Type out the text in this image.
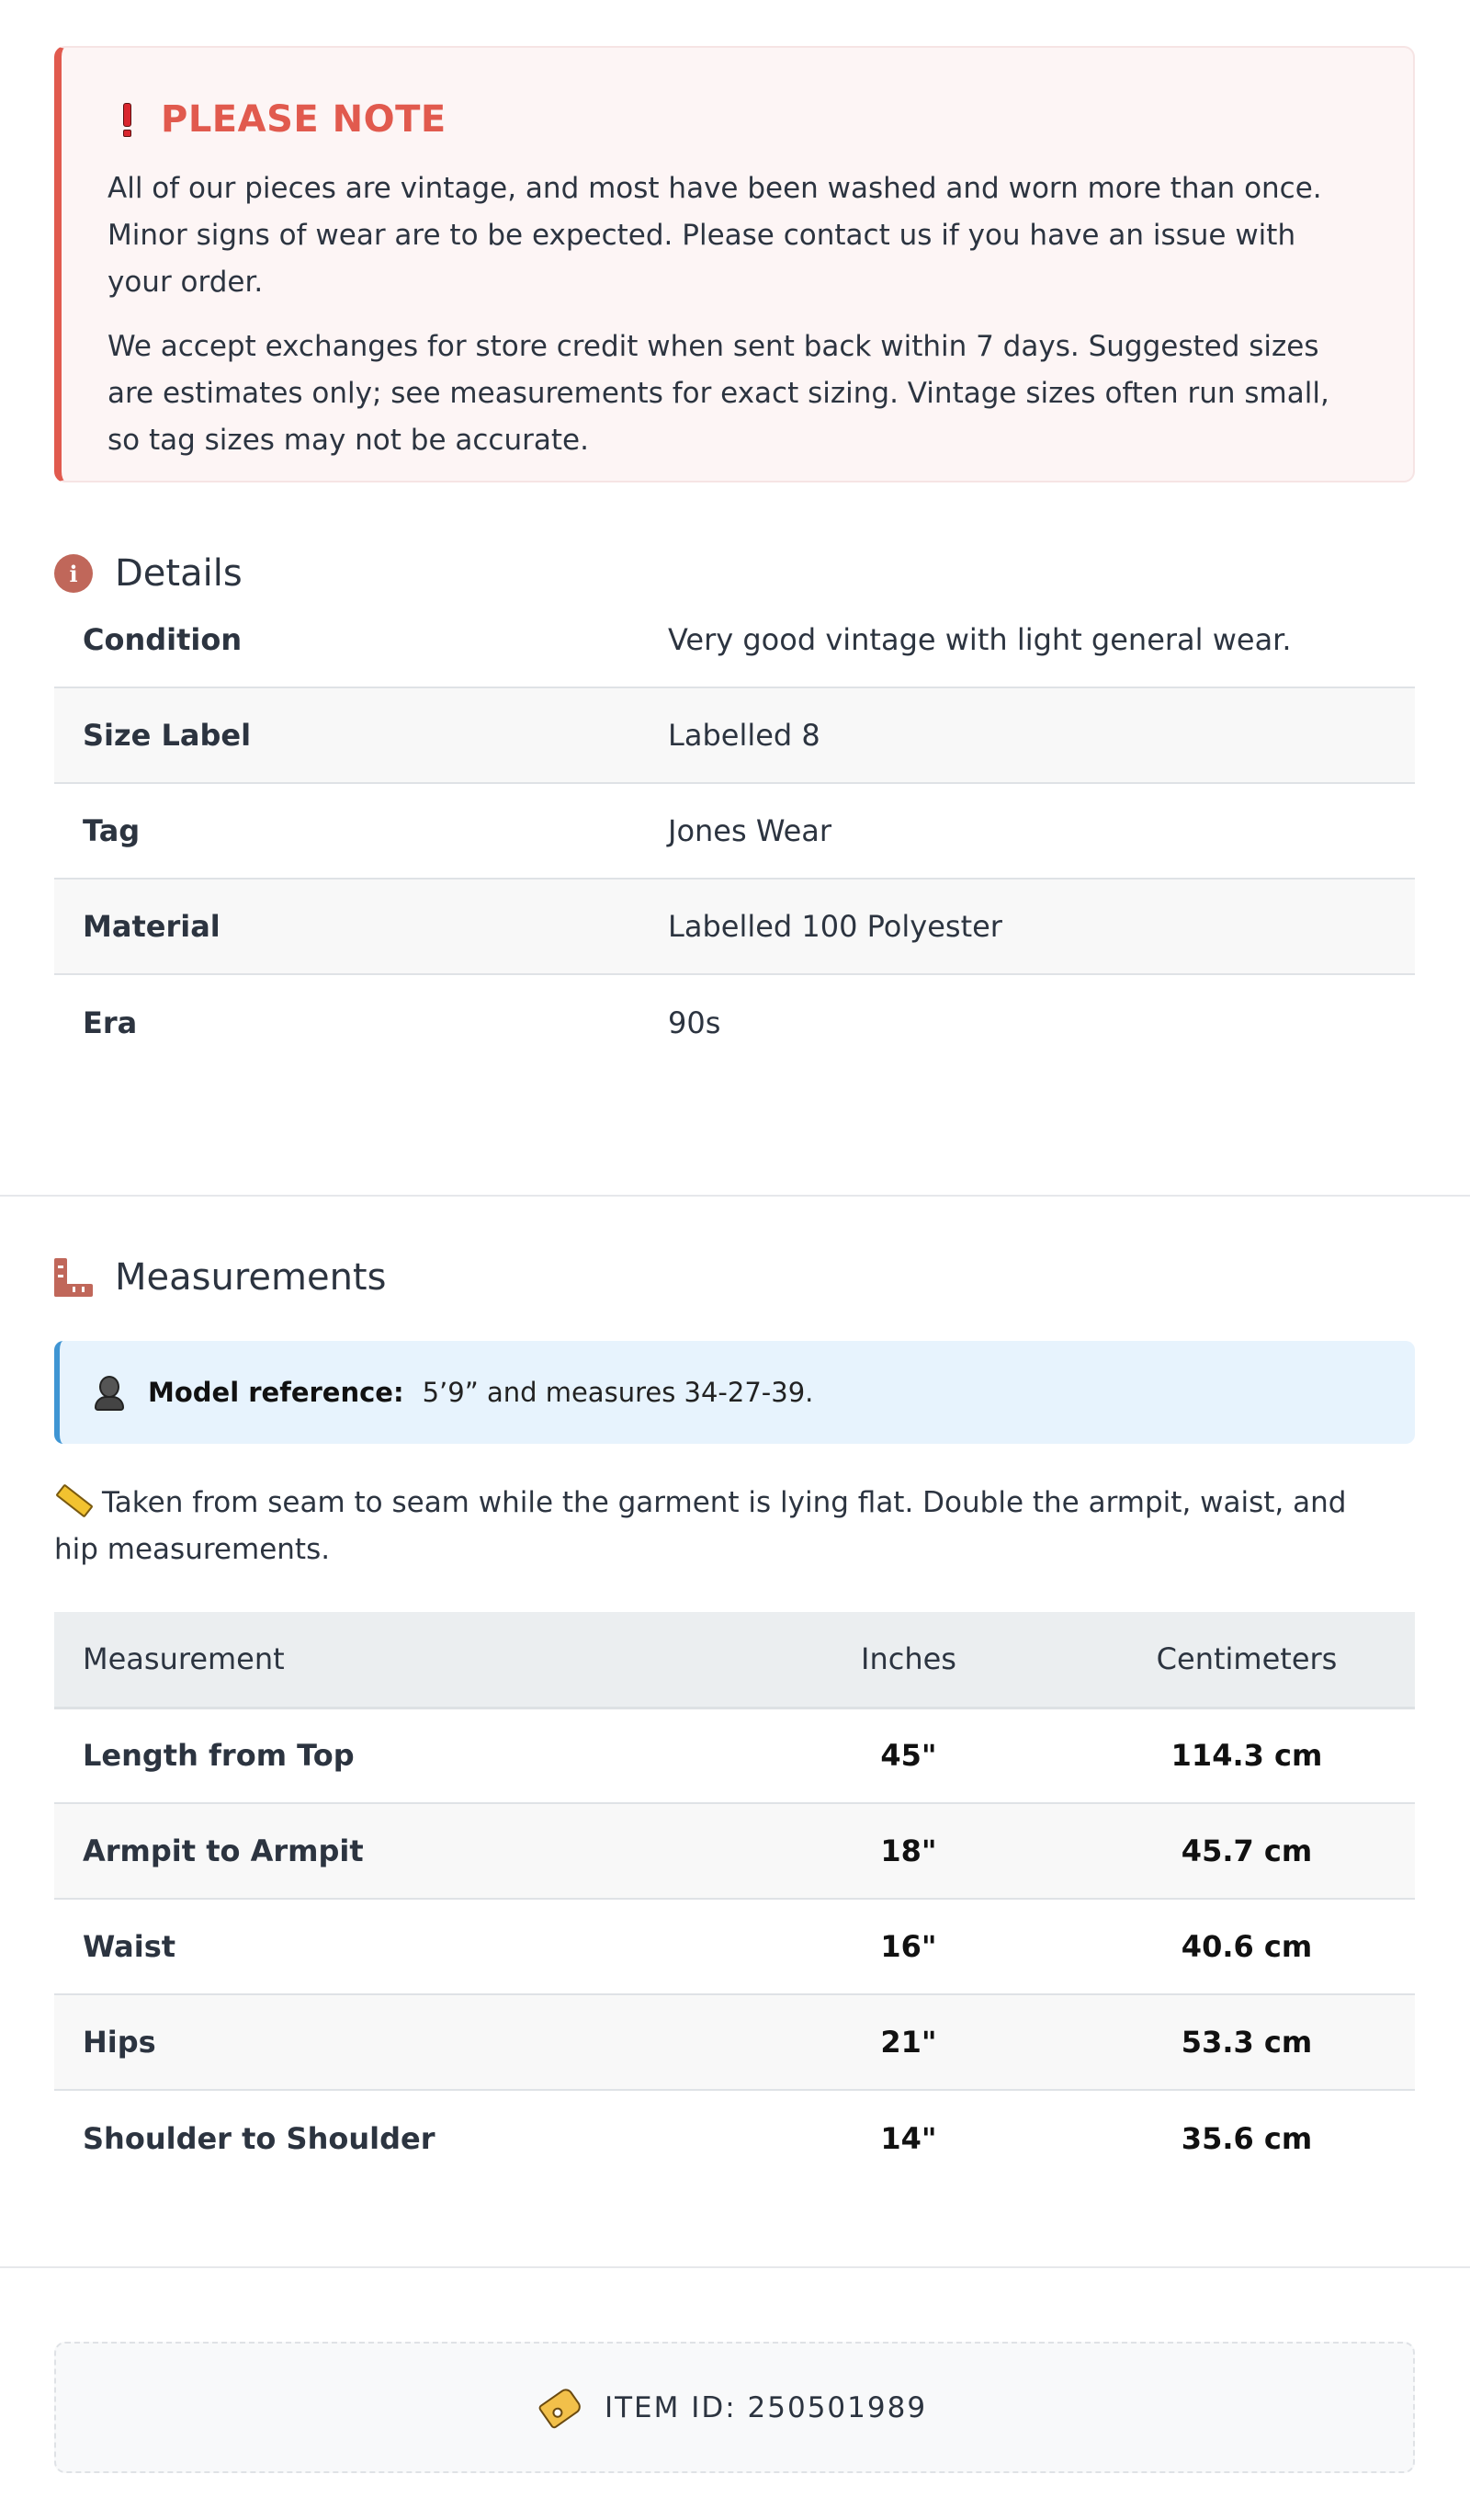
PLEASE NOTE

All of our pieces are vintage, and most have been washed and worn more than once. Minor signs of wear are to be expected. Please contact us if you have an issue with your order.

We accept exchanges for store credit when sent back within 7 days. Suggested sizes are estimates only; see measurements for exact sizing. Vintage sizes often run small, so tag sizes may not be accurate.

i	Details
Condition	Very good vintage with light general wear.
Size Label	Labelled 8
Tag	Jones Wear
Material	Labelled 100 Polyester
Era	90s
Measurements
Model reference: 5’9” and measures 34-27-39.
Taken from seam to seam while the garment is lying flat. Double the armpit, waist, and hip measurements.
Measurement	Inches	Centimeters
Length from Top	45"	114.3 cm
Armpit to Armpit	18"	45.7 cm
Waist	16"	40.6 cm
Hips	21"	53.3 cm
Shoulder to Shoulder	14"	35.6 cm
ITEM ID: 250501989
